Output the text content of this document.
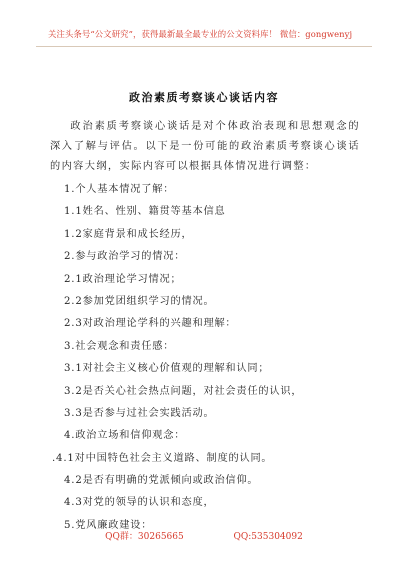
关注头条号“公文研究”，获得最新最全最专业的公文资料库！ 微信：gongwenyj
政治素质考察谈心谈话内容

政治素质考察谈心谈话是对个体政治表现和思想观念的深入了解与评估。以下是一份可能的政治素质考察谈心谈话的内容大纲，实际内容可以根据具体情况进行调整：

1.个人基本情况了解：
1.1姓名、性别、籍贯等基本信息
1.2家庭背景和成长经历，
2.参与政治学习的情况：
2.1政治理论学习情况；
2.2参加党团组织学习的情况。
2.3对政治理论学科的兴趣和理解：
3.社会观念和责任感：
3.1对社会主义核心价值观的理解和认同；
3.2是否关心社会热点问题，对社会责任的认识，
3.3是否参与过社会实践活动。
4.政治立场和信仰观念：
.4.1对中国特色社会主义道路、制度的认同。
4.2是否有明确的党派倾向或政治信仰。
4.3对党的领导的认识和态度，
5.党风廉政建设：
QQ群：30265665	QQ:535304092
